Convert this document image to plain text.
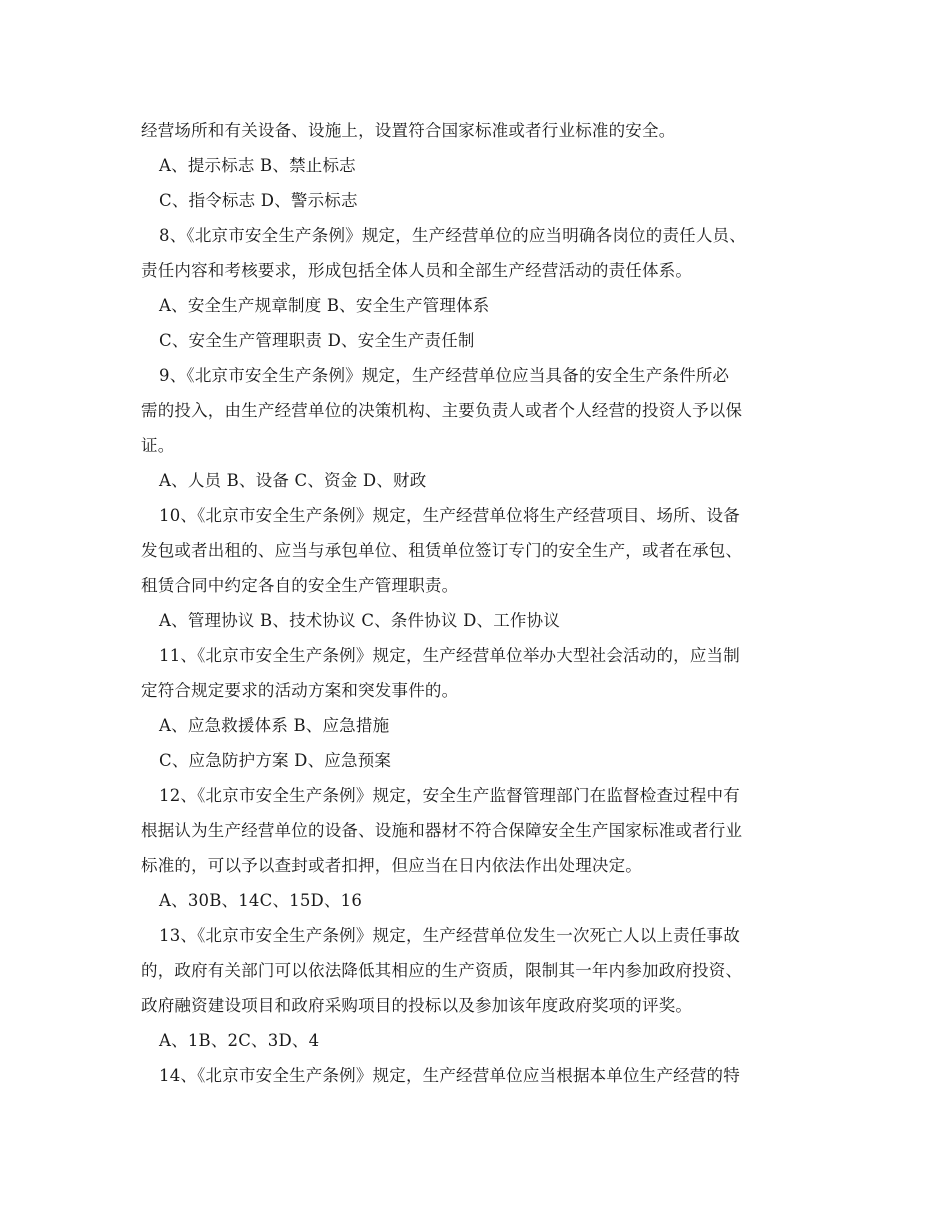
经营场所和有关设备、设施上，设置符合国家标准或者行业标准的安全。
A、提示标志 B、禁止标志
C、指令标志 D、警示标志
8、《北京市安全生产条例》规定，生产经营单位的应当明确各岗位的责任人员、
责任内容和考核要求，形成包括全体人员和全部生产经营活动的责任体系。
A、安全生产规章制度 B、安全生产管理体系
C、安全生产管理职责 D、安全生产责任制
9、《北京市安全生产条例》规定，生产经营单位应当具备的安全生产条件所必
需的投入，由生产经营单位的决策机构、主要负责人或者个人经营的投资人予以保
证。
A、人员 B、设备 C、资金 D、财政
10、《北京市安全生产条例》规定，生产经营单位将生产经营项目、场所、设备
发包或者出租的、应当与承包单位、租赁单位签订专门的安全生产，或者在承包、
租赁合同中约定各自的安全生产管理职责。
A、管理协议 B、技术协议 C、条件协议 D、工作协议
11、《北京市安全生产条例》规定，生产经营单位举办大型社会活动的，应当制
定符合规定要求的活动方案和突发事件的。
A、应急救援体系 B、应急措施
C、应急防护方案 D、应急预案
12、《北京市安全生产条例》规定，安全生产监督管理部门在监督检查过程中有
根据认为生产经营单位的设备、设施和器材不符合保障安全生产国家标准或者行业
标准的，可以予以查封或者扣押，但应当在日内依法作出处理决定。
A、30B、14C、15D、16
13、《北京市安全生产条例》规定，生产经营单位发生一次死亡人以上责任事故
的，政府有关部门可以依法降低其相应的生产资质，限制其一年内参加政府投资、
政府融资建设项目和政府采购项目的投标以及参加该年度政府奖项的评奖。
A、1B、2C、3D、4
14、《北京市安全生产条例》规定，生产经营单位应当根据本单位生产经营的特
